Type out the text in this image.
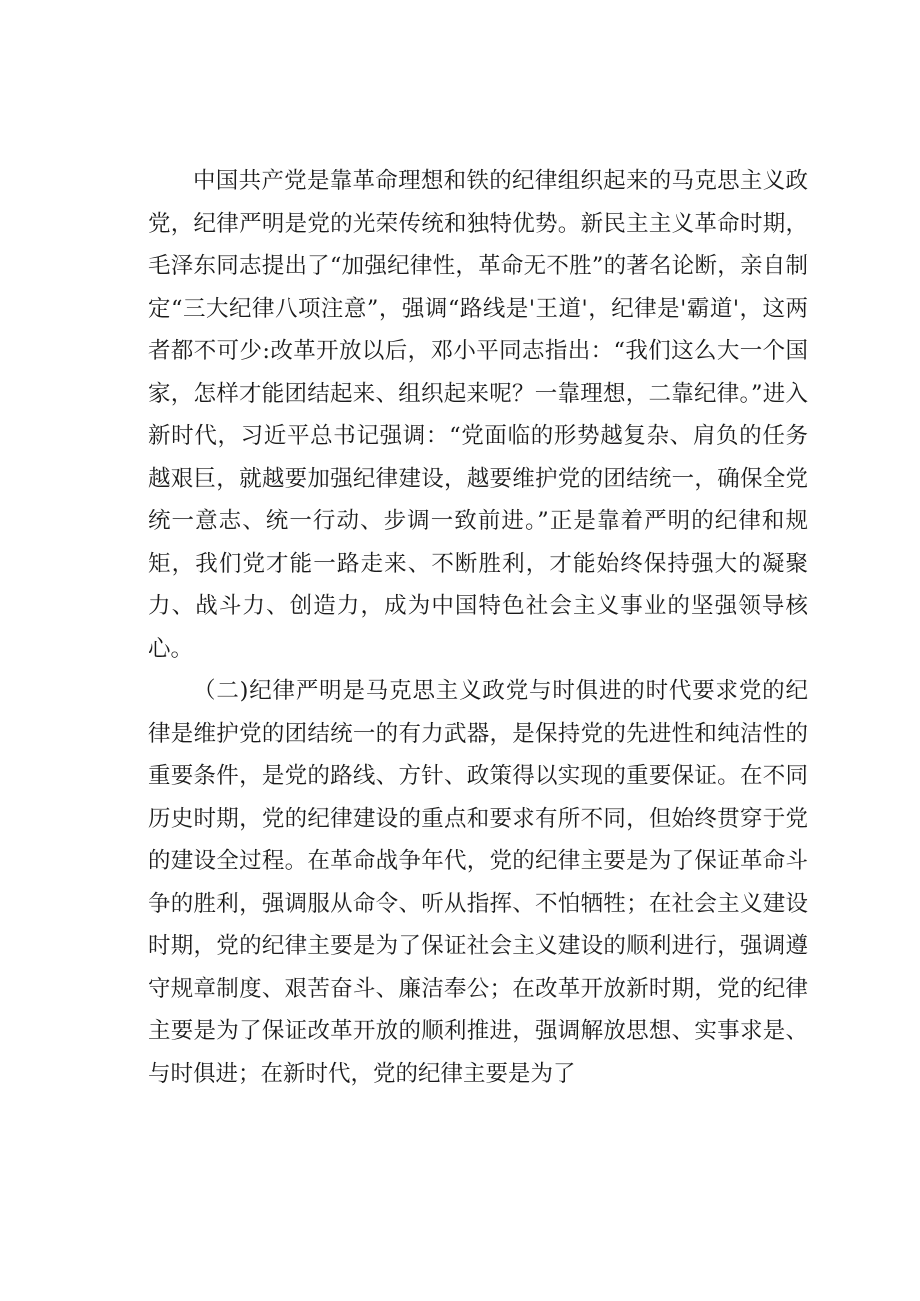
中国共产党是靠革命理想和铁的纪律组织起来的马克思主义政党，纪律严明是党的光荣传统和独特优势。新民主主义革命时期，毛泽东同志提出了“加强纪律性，革命无不胜”的著名论断，亲自制定“三大纪律八项注意”，强调“路线是'王道'，纪律是'霸道'，这两者都不可少:改革开放以后，邓小平同志指出：“我们这么大一个国家，怎样才能团结起来、组织起来呢？一靠理想，二靠纪律。”进入新时代，习近平总书记强调：“党面临的形势越复杂、肩负的任务越艰巨，就越要加强纪律建设，越要维护党的团结统一，确保全党统一意志、统一行动、步调一致前进。”正是靠着严明的纪律和规矩，我们党才能一路走来、不断胜利，才能始终保持强大的凝聚力、战斗力、创造力，成为中国特色社会主义事业的坚强领导核心。

（二)纪律严明是马克思主义政党与时俱进的时代要求党的纪律是维护党的团结统一的有力武器，是保持党的先进性和纯洁性的重要条件，是党的路线、方针、政策得以实现的重要保证。在不同历史时期，党的纪律建设的重点和要求有所不同，但始终贯穿于党的建设全过程。在革命战争年代，党的纪律主要是为了保证革命斗争的胜利，强调服从命令、听从指挥、不怕牺牲；在社会主义建设时期，党的纪律主要是为了保证社会主义建设的顺利进行，强调遵守规章制度、艰苦奋斗、廉洁奉公；在改革开放新时期，党的纪律主要是为了保证改革开放的顺利推进，强调解放思想、实事求是、与时俱进；在新时代，党的纪律主要是为了
